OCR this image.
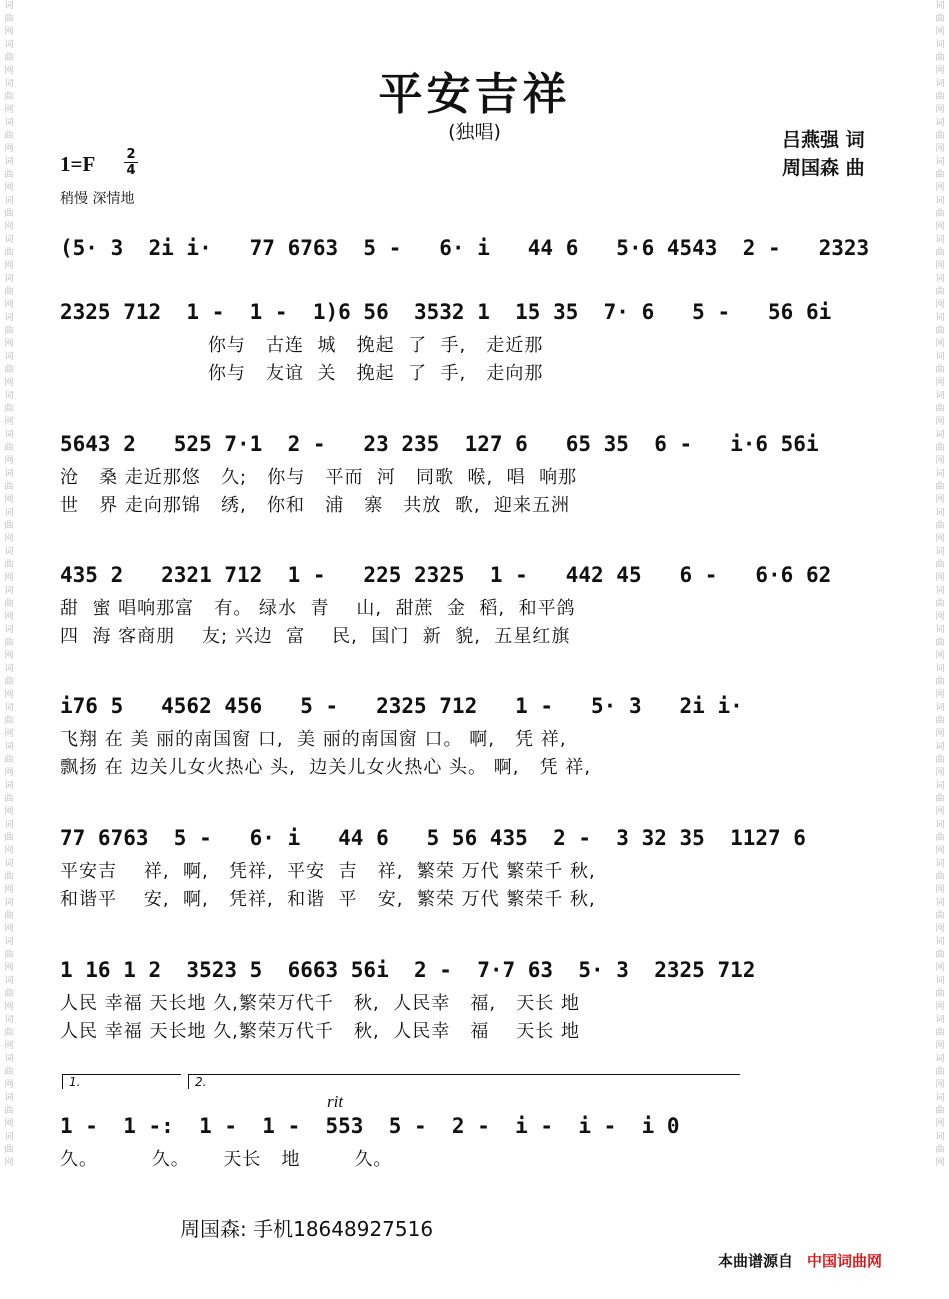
词曲网词曲网词曲网词曲网词曲网词曲网词曲网词曲网词曲网词曲网词曲网词曲网词曲网词曲网词曲网词曲网词曲网词曲网词曲网词曲网词曲网词曲网词曲网词曲网词曲网词曲网词曲网词曲网词曲网词曲网
词曲网词曲网词曲网词曲网词曲网词曲网词曲网词曲网词曲网词曲网词曲网词曲网词曲网词曲网词曲网词曲网词曲网词曲网词曲网词曲网词曲网词曲网词曲网词曲网词曲网词曲网词曲网词曲网词曲网词曲网
平安吉祥
(独唱)	吕燕强 词
周国森 曲
1=F 2
4
稍慢 深情地
(5· 3  2i i·   77 6763  5 -   6· i   44 6   5·6 4543  2 -   2323
2325 712  1 -  1 -  1)6 56  3532 1  15 35  7· 6   5 -   56 6i
你与   古连  城   挽起  了  手,   走近那
你与   友谊  关   挽起  了  手,   走向那
5643 2   525 7·1  2 -   23 235  127 6   65 35  6 -   i·6 56i
沧   桑 走近那悠   久;   你与   平而  河   同歌  喉,  唱  响那
世   界 走向那锦   绣,   你和   浦   寨   共放  歌,  迎来五洲
435 2   2321 712  1 -   225 2325  1 -   442 45   6 -   6·6 62
甜  蜜 唱响那富   有。 绿水  青    山,  甜蔗  金  稻,  和平鸽
四  海 客商朋    友; 兴边  富    民,  国门  新  貌,  五星红旗
i76 5   4562 456   5 -   2325 712   1 -   5· 3   2i i·
飞翔 在 美 丽的南国窗 口,  美 丽的南国窗 口。 啊,   凭 祥,
飘扬 在 边关儿女火热心 头,  边关儿女火热心 头。 啊,   凭 祥,
77 6763  5 -   6· i   44 6   5 56 435  2 -  3 32 35  1127 6
平安吉    祥,  啊,   凭祥,  平安  吉   祥,  繁荣 万代 繁荣千 秋,
和谐平    安,  啊,   凭祥,  和谐  平   安,  繁荣 万代 繁荣千 秋,
1 16 1 2  3523 5  6663 56i  2 -  7·7 63  5· 3  2325 712
人民 幸福 天长地 久,繁荣万代千   秋,  人民幸   福,   天长 地
人民 幸福 天长地 久,繁荣万代千   秋,  人民幸   福    天长 地
1.	2.
rit
1 -  1 -:  1 -  1 -  553  5 -  2 -  i -  i -  i 0
久。        久。     天长   地        久。
周国森: 手机18648927516
本曲谱源自 中国词曲网
